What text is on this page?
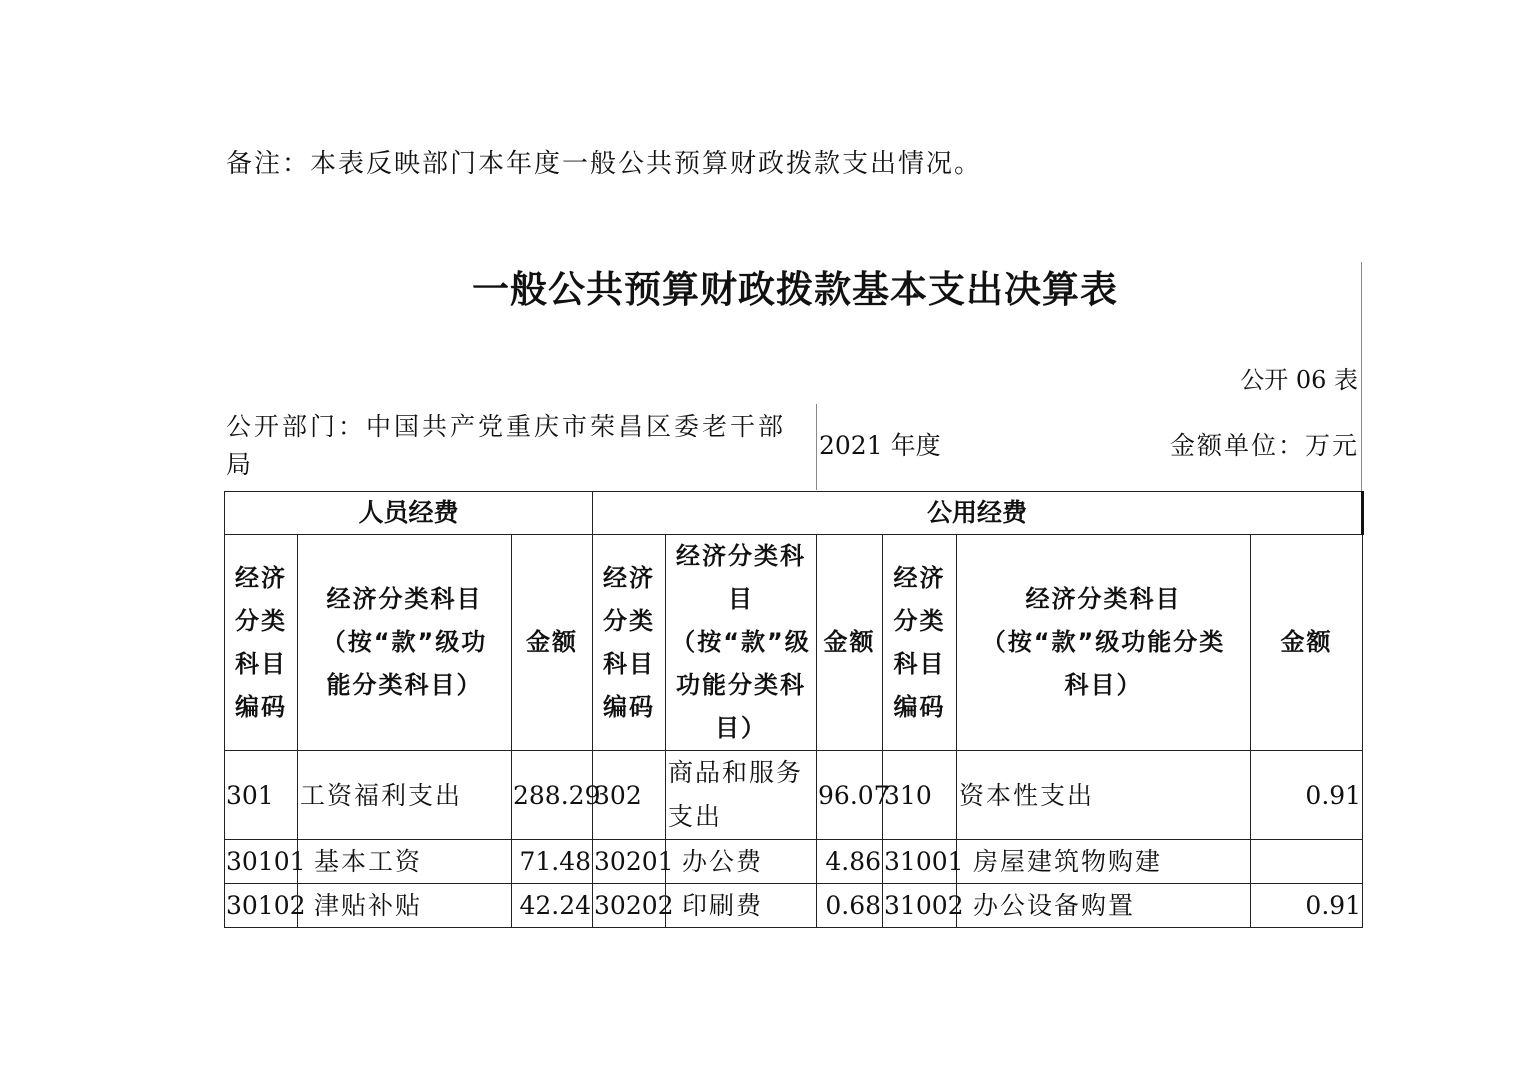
备注：本表反映部门本年度一般公共预算财政拨款支出情况。
一般公共预算财政拨款基本支出决算表
公开 06 表
公开部门：中国共产党重庆市荣昌区委老干部局
2021 年度	金额单位：万元
人员经费			公用经费					
经济分类科目编码	经济分类科目（按“款”级功能分类科目）	金额	经济分类科目编码	经济分类科目（按“款”级功能分类科目）	金额	经济分类科目编码	经济分类科目（按“款”级功能分类科目）	金额
301	工资福利支出	288.29	302	商品和服务支出	96.07	310	资本性支出	0.91
30101	基本工资	71.48	30201	办公费	4.86	31001	房屋建筑物购建	
30102	津贴补贴	42.24	30202	印刷费	0.68	31002	办公设备购置	0.91
